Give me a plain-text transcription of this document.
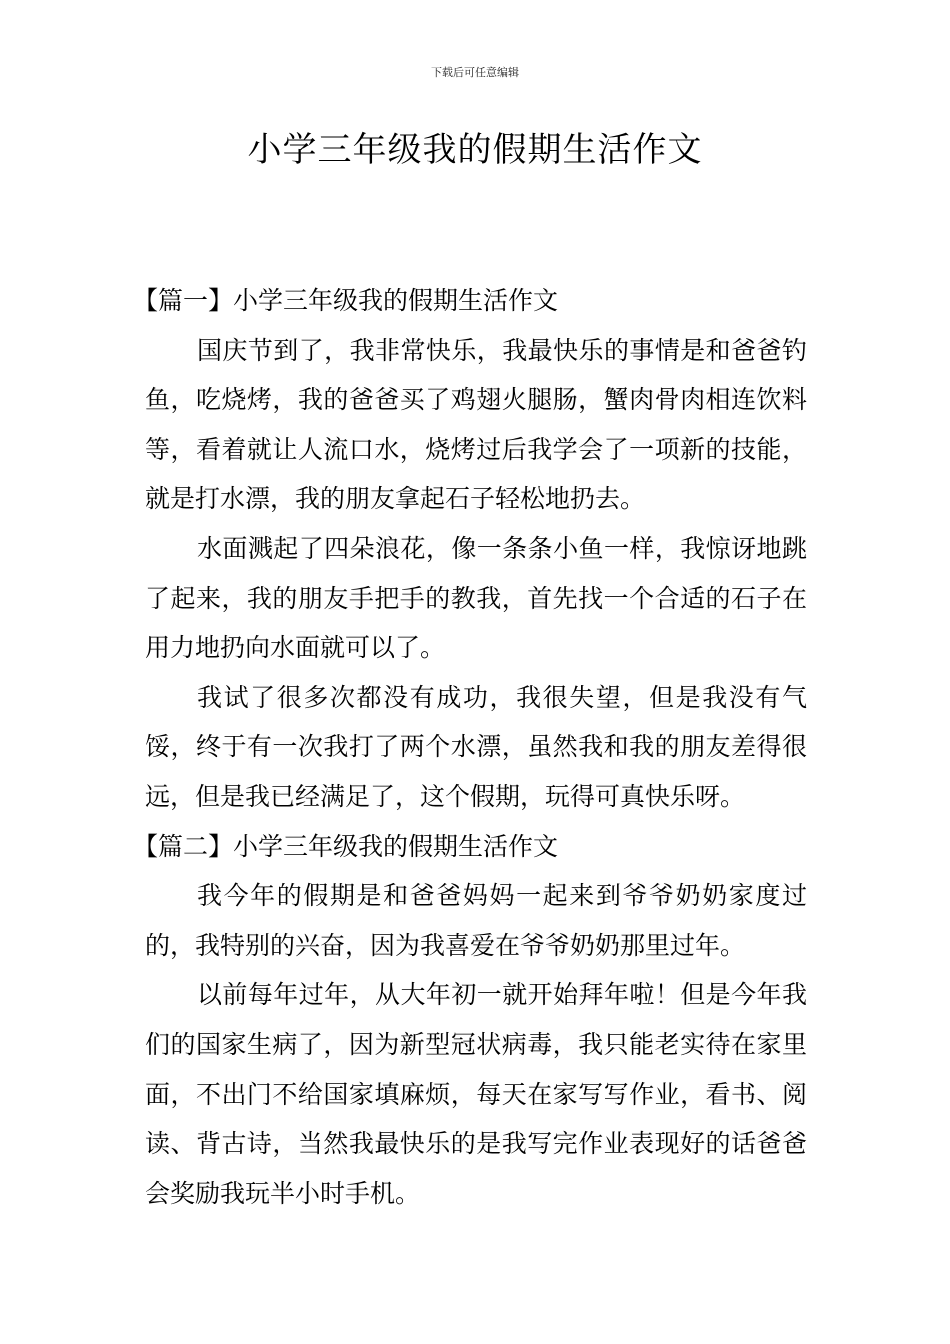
下载后可任意编辑
小学三年级我的假期生活作文

【篇一】小学三年级我的假期生活作文

国庆节到了，我非常快乐，我最快乐的事情是和爸爸钓鱼，吃烧烤，我的爸爸买了鸡翅火腿肠，蟹肉骨肉相连饮料等，看着就让人流口水，烧烤过后我学会了一项新的技能，就是打水漂，我的朋友拿起石子轻松地扔去。

水面溅起了四朵浪花，像一条条小鱼一样，我惊讶地跳了起来，我的朋友手把手的教我，首先找一个合适的石子在用力地扔向水面就可以了。

我试了很多次都没有成功，我很失望，但是我没有气馁，终于有一次我打了两个水漂，虽然我和我的朋友差得很远，但是我已经满足了，这个假期，玩得可真快乐呀。

【篇二】小学三年级我的假期生活作文

我今年的假期是和爸爸妈妈一起来到爷爷奶奶家度过的，我特别的兴奋，因为我喜爱在爷爷奶奶那里过年。

以前每年过年，从大年初一就开始拜年啦！但是今年我们的国家生病了，因为新型冠状病毒，我只能老实待在家里面，不出门不给国家填麻烦，每天在家写写作业，看书、阅读、背古诗，当然我最快乐的是我写完作业表现好的话爸爸会奖励我玩半小时手机。
